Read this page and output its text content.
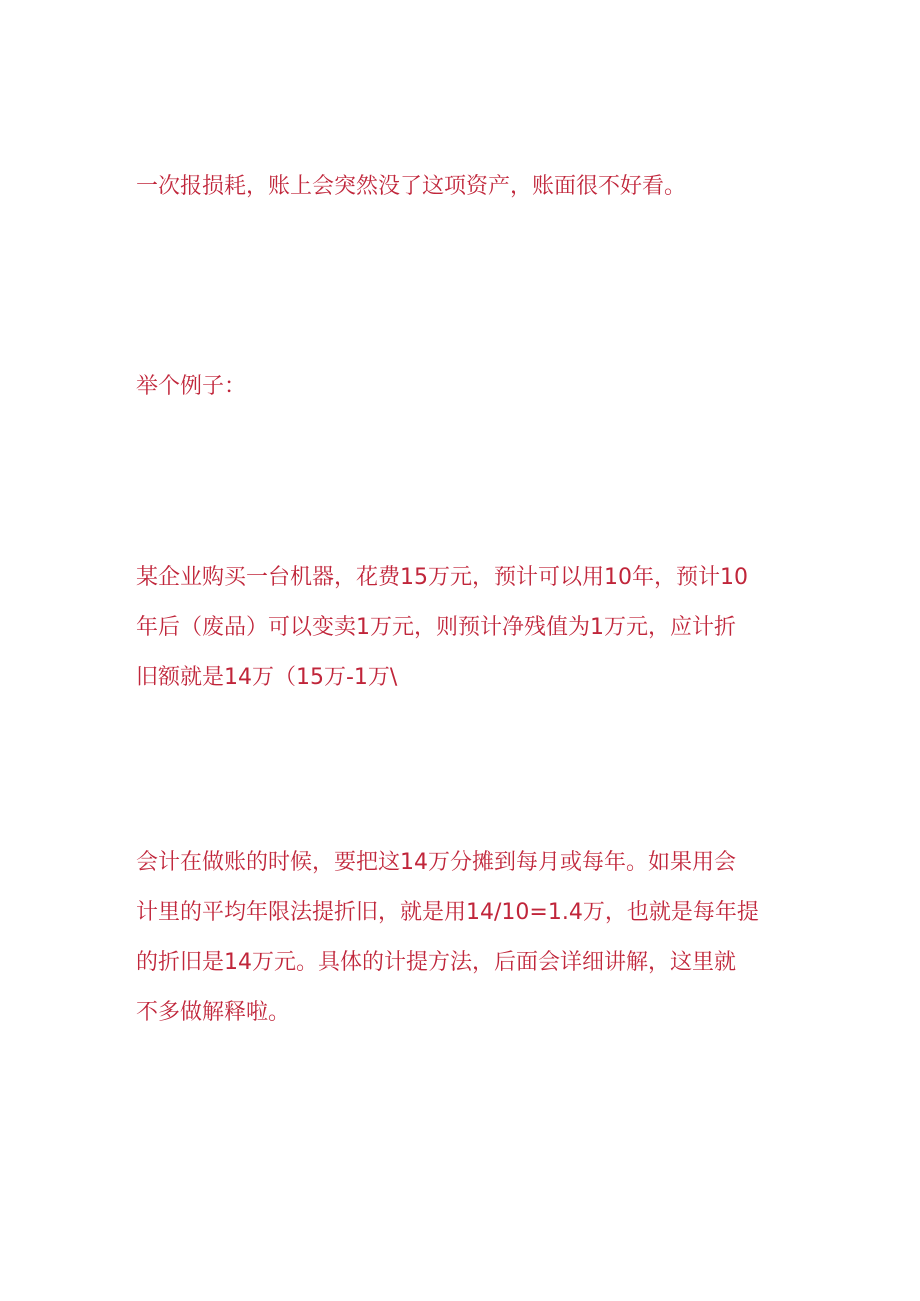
一次报损耗，账上会突然没了这项资产，账面很不好看。

举个例子：

某企业购买一台机器，花费15万元，预计可以用10年，预计10
年后（废品）可以变卖1万元，则预计净残值为1万元，应计折
旧额就是14万（15万-1万\

会计在做账的时候，要把这14万分摊到每月或每年。如果用会
计里的平均年限法提折旧，就是用14/10=1.4万，也就是每年提
的折旧是14万元。具体的计提方法，后面会详细讲解，这里就
不多做解释啦。
